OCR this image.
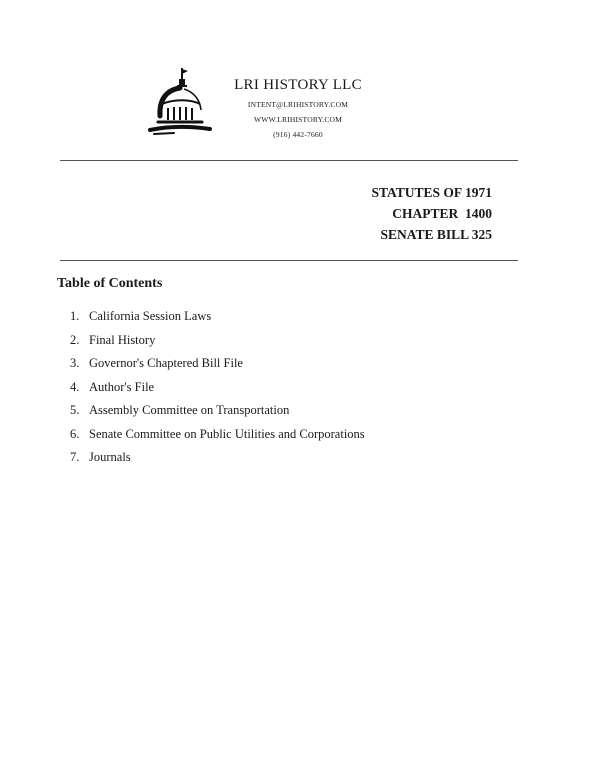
LRI HISTORY LLC
INTENT@LRIHISTORY.COM
WWW.LRIHISTORY.COM
(916) 442-7660
STATUTES OF 1971
CHAPTER  1400
SENATE BILL 325
Table of Contents
1. California Session Laws
2. Final History
3. Governor's Chaptered Bill File
4. Author's File
5. Assembly Committee on Transportation
6. Senate Committee on Public Utilities and Corporations
7. Journals
